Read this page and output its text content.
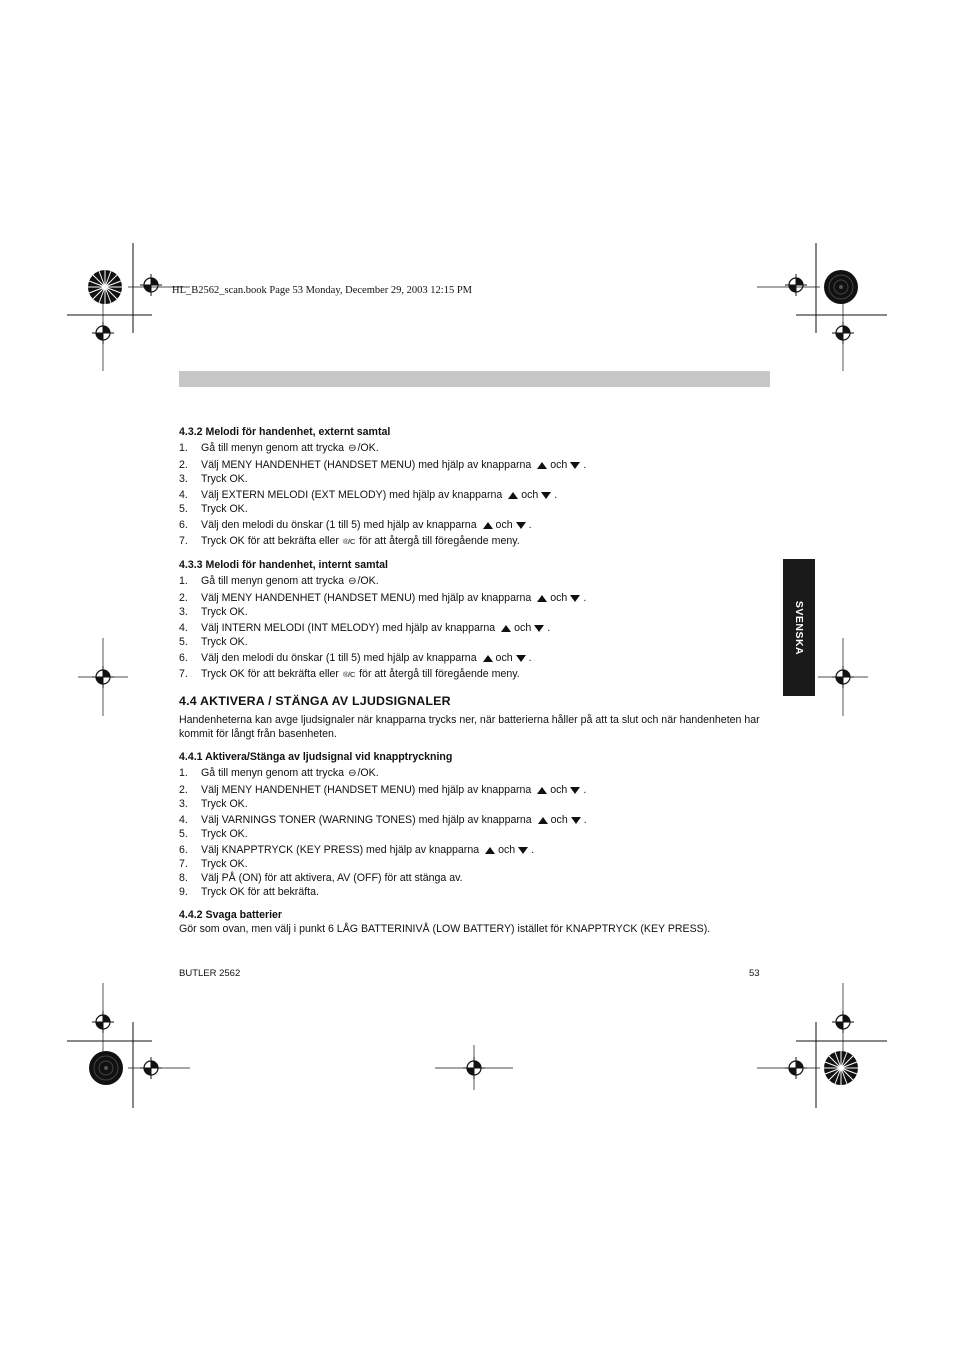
HL_B2562_scan.book Page 53 Monday, December 29, 2003 12:15 PM
SVENSKA

4.3.2 Melodi för handenhet, externt samtal

1. Gå till menyn genom att trycka ⊖/OK.
2. Välj MENY HANDENHET (HANDSET MENU) med hjälp av knapparna och .
3. Tryck OK.
4. Välj EXTERN MELODI (EXT MELODY) med hjälp av knapparna och .
5. Tryck OK.
6. Välj den melodi du önskar (1 till 5) med hjälp av knapparna och .
7. Tryck OK för att bekräfta eller ®/C för att återgå till föregående meny.

4.3.3 Melodi för handenhet, internt samtal

1. Gå till menyn genom att trycka ⊖/OK.
2. Välj MENY HANDENHET (HANDSET MENU) med hjälp av knapparna och .
3. Tryck OK.
4. Välj INTERN MELODI (INT MELODY) med hjälp av knapparna och .
5. Tryck OK.
6. Välj den melodi du önskar (1 till 5) med hjälp av knapparna och .
7. Tryck OK för att bekräfta eller ®/C för att återgå till föregående meny.

4.4 AKTIVERA / STÄNGA AV LJUDSIGNALER

Handenheterna kan avge ljudsignaler när knapparna trycks ner, när batterierna håller på att ta slut och när handenheten har kommit för långt från basenheten.

4.4.1 Aktivera/Stänga av ljudsignal vid knapptryckning

1. Gå till menyn genom att trycka ⊖/OK.
2. Välj MENY HANDENHET (HANDSET MENU) med hjälp av knapparna och .
3. Tryck OK.
4. Välj VARNINGS TONER (WARNING TONES) med hjälp av knapparna och .
5. Tryck OK.
6. Välj KNAPPTRYCK (KEY PRESS) med hjälp av knapparna och .
7. Tryck OK.
8. Välj PÅ (ON) för att aktivera, AV (OFF) för att stänga av.
9. Tryck OK för att bekräfta.

4.4.2 Svaga batterier

Gör som ovan, men välj i punkt 6 LÅG BATTERINIVÅ (LOW BATTERY) istället för KNAPPTRYCK (KEY PRESS).

BUTLER 2562	53
